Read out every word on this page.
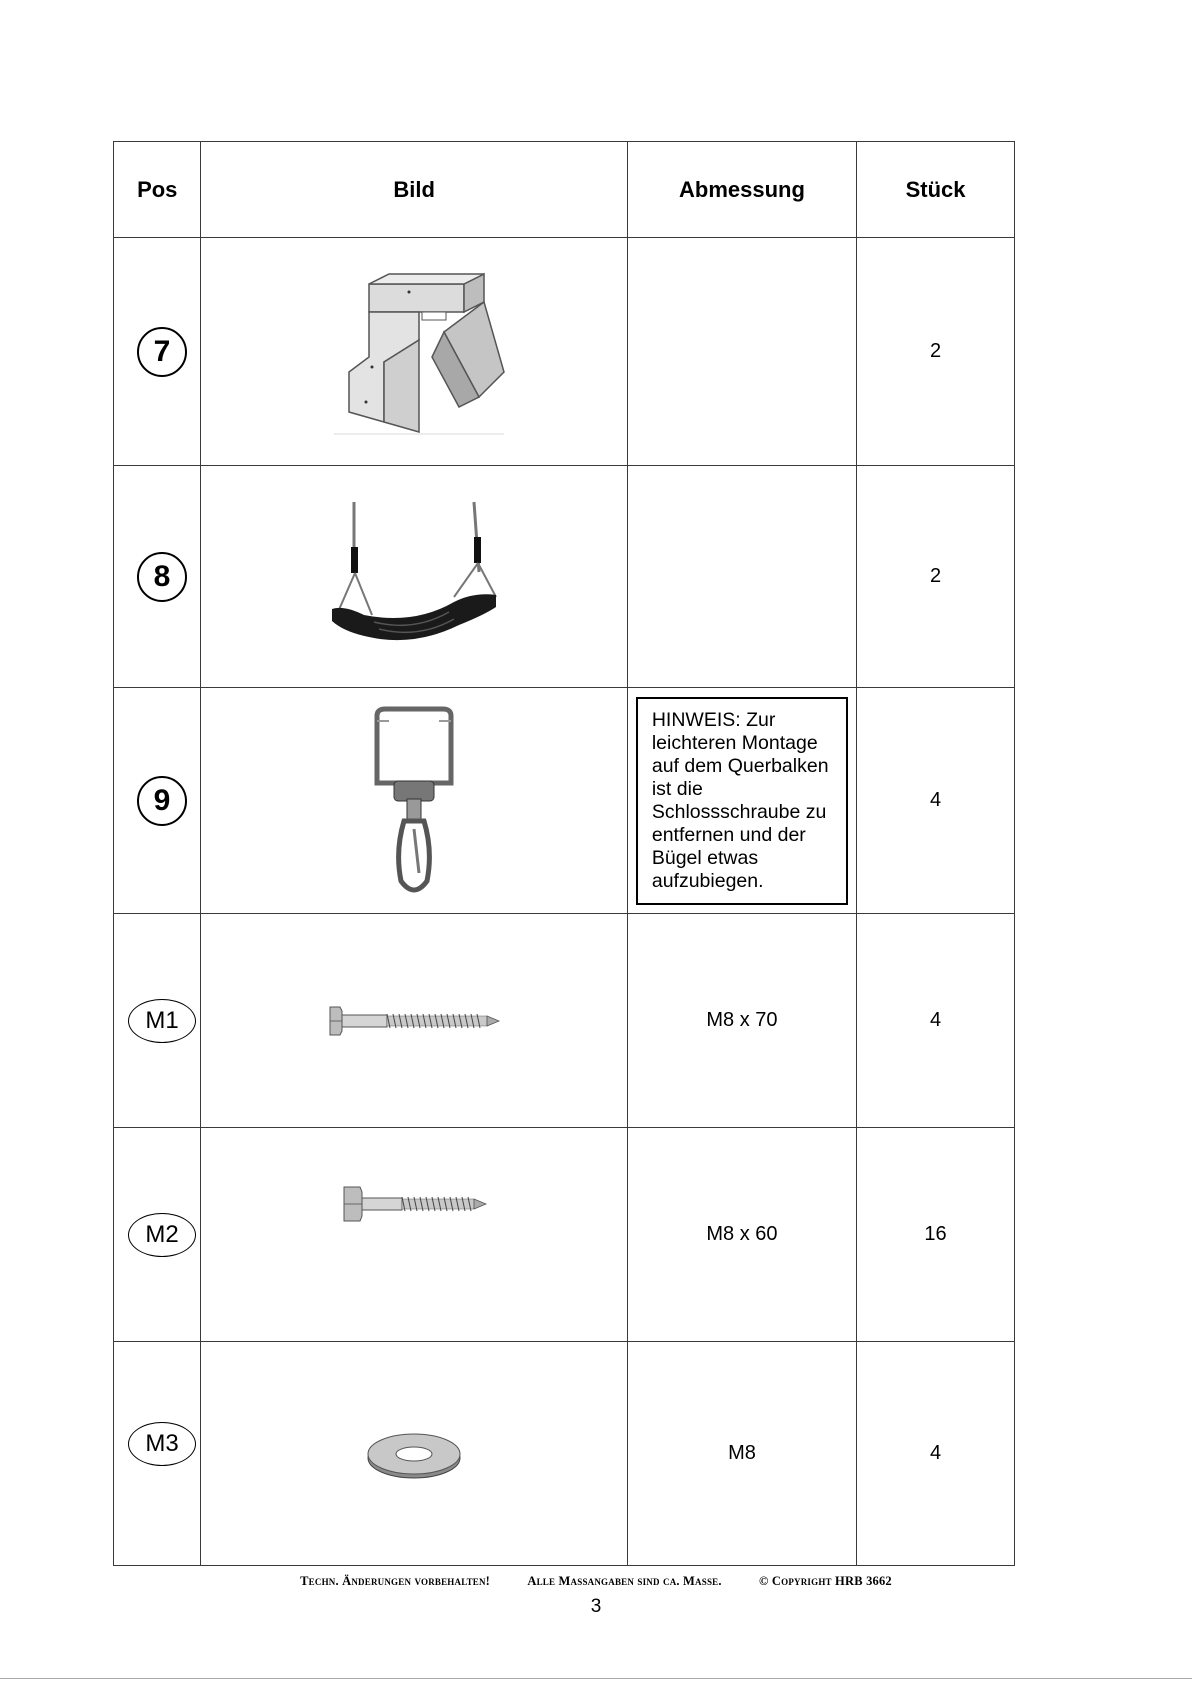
Pos	Bild	Abmessung	Stück

7			2

8			2

9		HINWEIS: Zur leichteren Montage auf dem Querbalken ist die Schlossschraube zu entfernen und der Bügel etwas aufzubiegen.	4

M1		M8 x 70	4

M2		M8 x 60	16

M3		M8	4
Techn. Änderungen vorbehalten!	Alle Massangaben sind ca. Masse.	© Copyright HRB 3662
3
